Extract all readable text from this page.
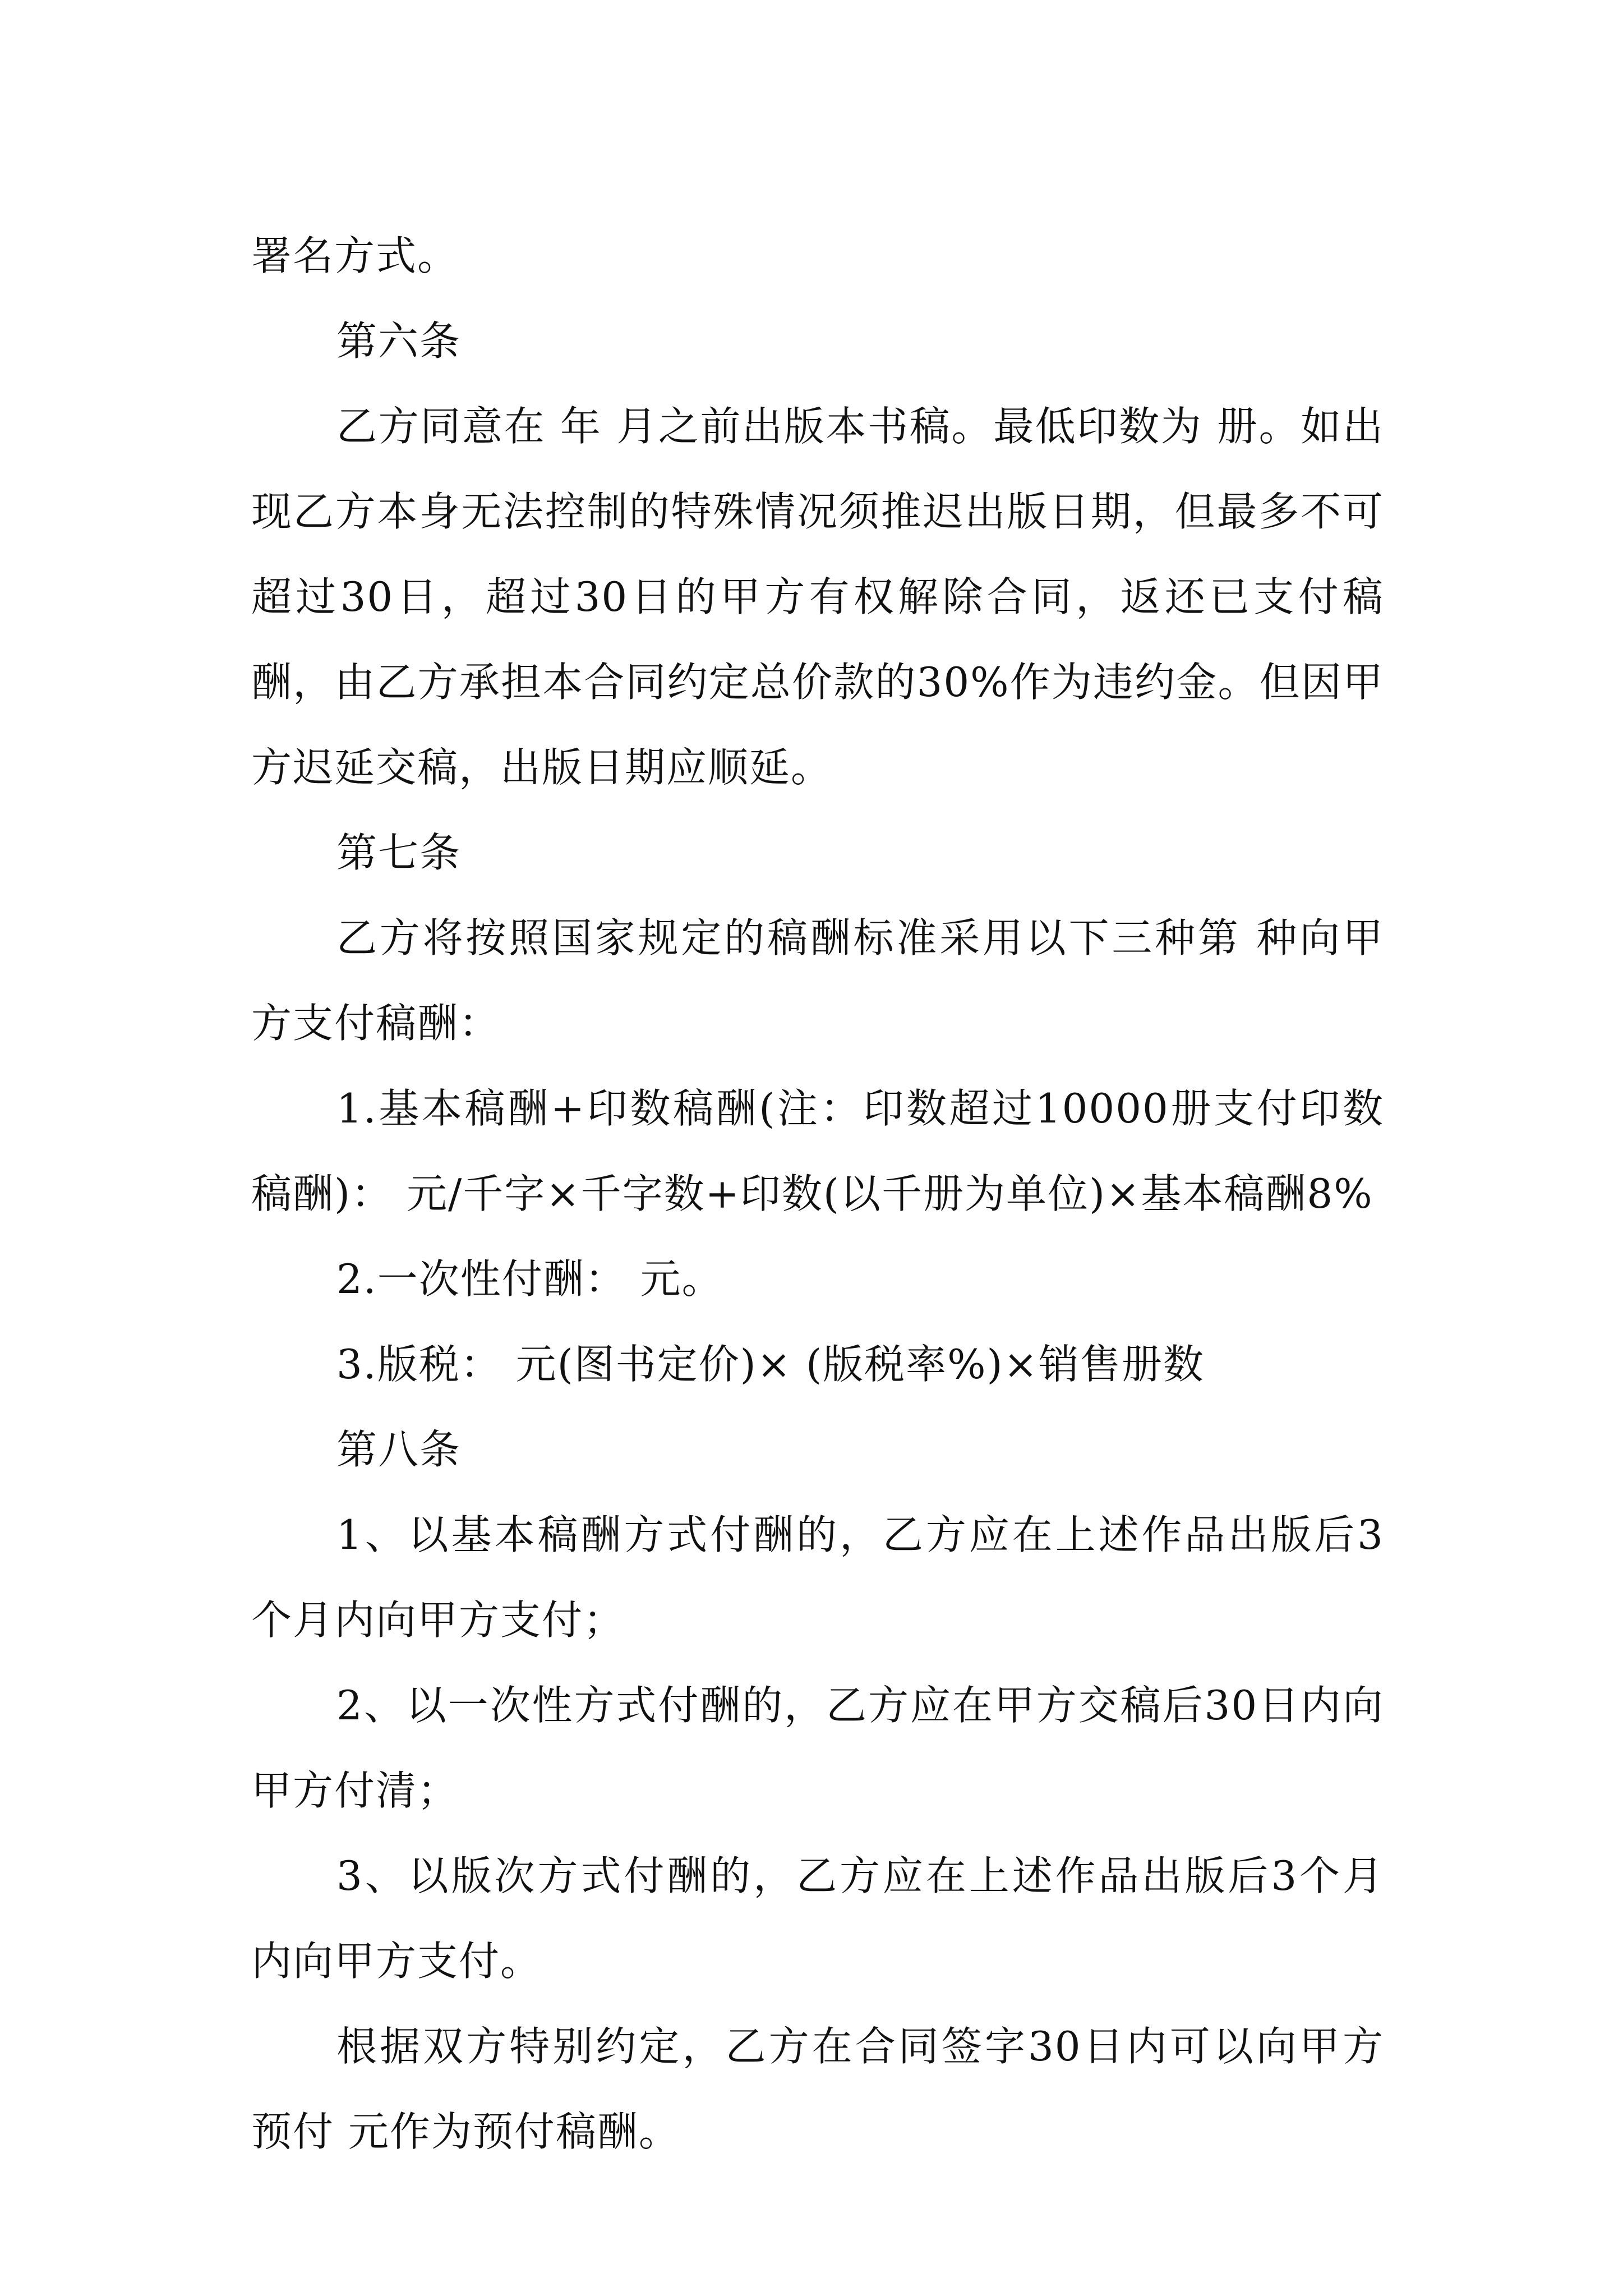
署名方式。

第六条

乙方同意在 年 月之前出版本书稿。最低印数为 册。如出现乙方本身无法控制的特殊情况须推迟出版日期，但最多不可超过30日，超过30日的甲方有权解除合同，返还已支付稿酬，由乙方承担本合同约定总价款的30%作为违约金。但因甲方迟延交稿，出版日期应顺延。

第七条

乙方将按照国家规定的稿酬标准采用以下三种第 种向甲方支付稿酬：

1.基本稿酬+印数稿酬(注：印数超过10000册支付印数稿酬)： 元/千字×千字数+印数(以千册为单位)×基本稿酬8%

2.一次性付酬： 元。

3.版税： 元(图书定价)× (版税率%)×销售册数

第八条

1、以基本稿酬方式付酬的，乙方应在上述作品出版后3个月内向甲方支付；

2、以一次性方式付酬的，乙方应在甲方交稿后30日内向甲方付清；

3、以版次方式付酬的，乙方应在上述作品出版后3个月内向甲方支付。

根据双方特别约定，乙方在合同签字30日内可以向甲方预付 元作为预付稿酬。
